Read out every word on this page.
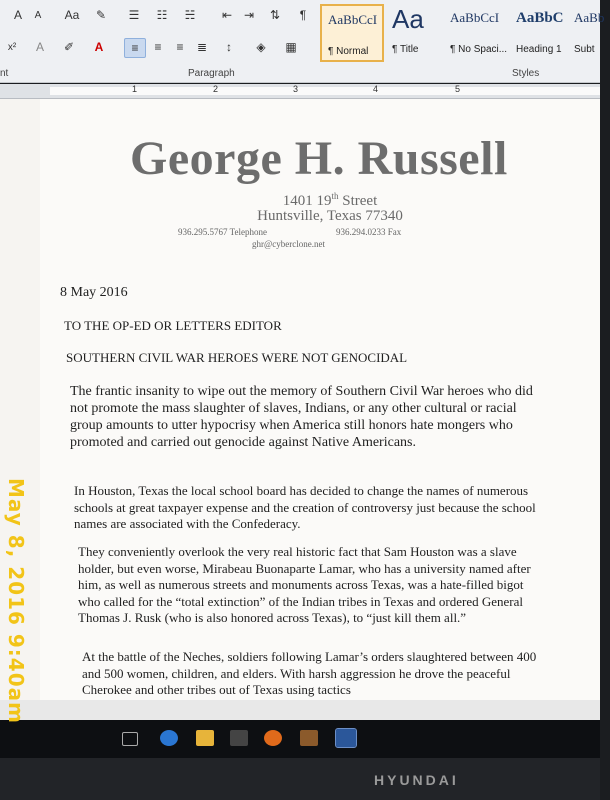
A	A	Aa	✎	☰	☷	☵	⇤ ⇥	⇅	¶
x²	A	✐	A	≡	≡	≡	≣	↕	◈	▦
nt	Paragraph	Styles
AaBbCcI
¶ Normal
Aa
¶ Title
AaBbCcI
¶ No Spaci...
AaBbC
Heading 1
AaBb
Subt
1	2	3	4	5
George H. Russell
1401 19th Street
Huntsville, Texas 77340
936.295.5767 Telephone	936.294.0233 Fax
ghr@cyberclone.net
8 May 2016
TO THE OP-ED OR LETTERS EDITOR
SOUTHERN CIVIL WAR HEROES WERE NOT GENOCIDAL
The frantic insanity to wipe out the memory of Southern Civil War heroes who did not promote the mass slaughter of slaves, Indians, or any other cultural or racial group amounts to utter hypocrisy when America still honors hate mongers who promoted and carried out genocide against Native Americans.
In Houston, Texas the local school board has decided to change the names of numerous schools at great taxpayer expense and the creation of controversy just because the school names are associated with the Confederacy.
They conveniently overlook the very real historic fact that Sam Houston was a slave holder, but even worse, Mirabeau Buonaparte Lamar, who has a university named after him, as well as numerous streets and monuments across Texas, was a hate-filled bigot who called for the “total extinction” of the Indian tribes in Texas and ordered General Thomas J. Rusk (who is also honored across Texas), to “just kill them all.”
At the battle of the Neches, soldiers following Lamar’s orders slaughtered between 400 and 500 women, children, and elders. With harsh aggression he drove the peaceful Cherokee and other tribes out of Texas using tactics
HYUNDAI
May 8, 2016 9:40am
